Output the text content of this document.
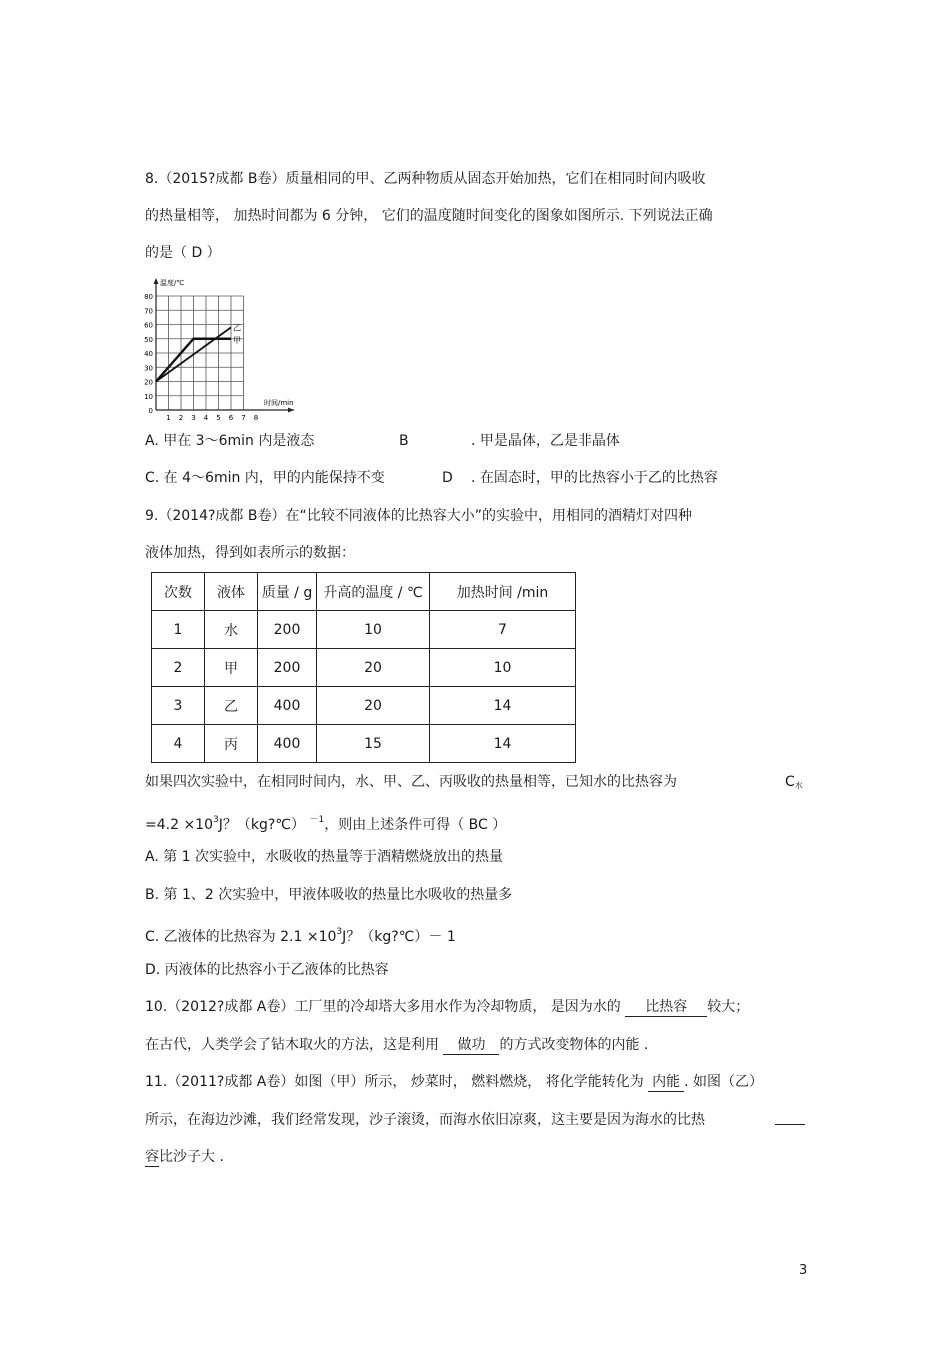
8.（2015?成都 B卷）质量相同的甲、乙两种物质从固态开始加热，它们在相同时间内吸收
的热量相等， 加热时间都为 6 分钟， 它们的温度随时间变化的图象如图所示. 下列说法正确
的是（ D ）
温度/℃
时间/min
0
10
20
30
40
50
60
70
80
1 2 3 4 5 6 7 8
甲
乙
A. 甲在 3～6min 内是液态	B	. 甲是晶体，乙是非晶体
C. 在 4～6min 内，甲的内能保持不变	D . 在固态时，甲的比热容小于乙的比热容
9.（2014?成都 B卷）在“比较不同液体的比热容大小”的实验中，用相同的酒精灯对四种
液体加热，得到如表所示的数据：
次数	液体	质量 / g	升高的温度 / ℃	加热时间 /min
1	水	200	10	7
2	甲	200	20	10
3	乙	400	20	14
4	丙	400	15	14
如果四次实验中，在相同时间内，水、甲、乙、丙吸收的热量相等，已知水的比热容为	$C_水$
$=4.2 \times 10^3J$？（kg?℃） $^{-1}$，则由上述条件可得（ BC ）
A. 第 1 次实验中，水吸收的热量等于酒精燃烧放出的热量
B. 第 1、2 次实验中，甲液体吸收的热量比水吸收的热量多
C. 乙液体的比热容为 $2.1 \times 10^3J$？（kg?℃）－ 1
D. 丙液体的比热容小于乙液体的比热容
10.（2012?成都 A卷）工厂里的冷却塔大多用水作为冷却物质， 是因为水的 比热容 较大；
在古代，人类学会了钻木取火的方法，这是利用 做功 的方式改变物体的内能 .
11.（2011?成都 A卷）如图（甲）所示， 炒菜时， 燃料燃烧， 将化学能转化为 内能 . 如图（乙）
所示，在海边沙滩，我们经常发现，沙子滚烫，而海水依旧凉爽，这主要是因为海水的比热
容比沙子大 .
3
